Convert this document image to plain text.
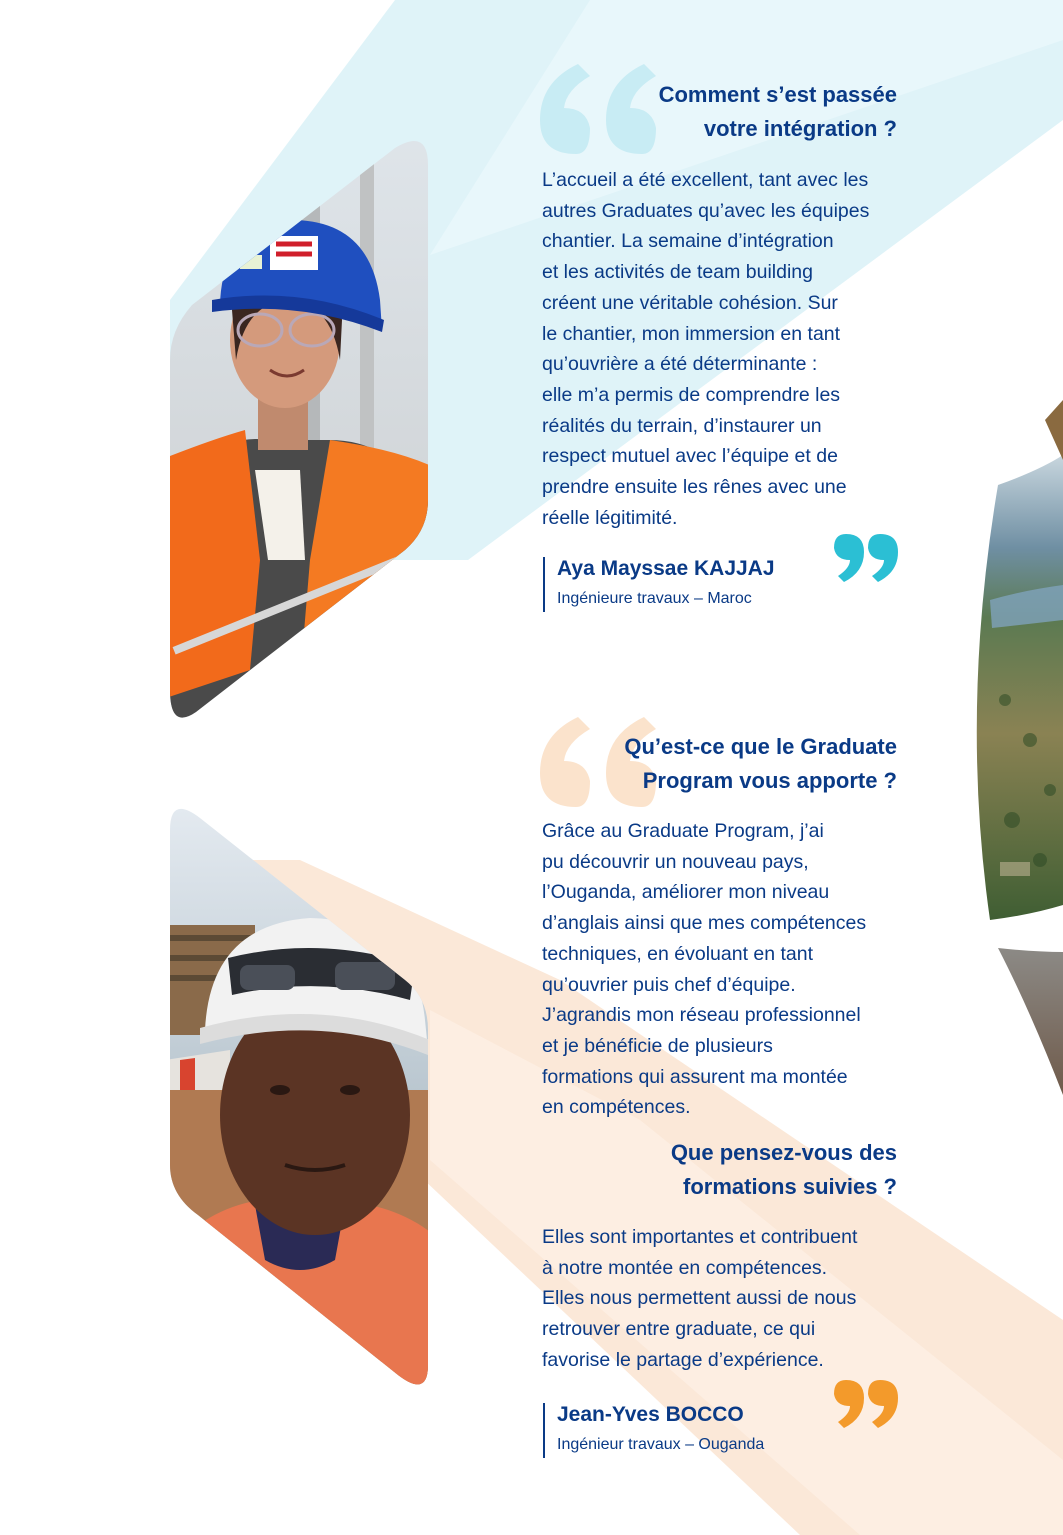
Comment s’est passée
votre intégration ?
L’accueil a été excellent, tant avec les
autres Graduates qu’avec les équipes
chantier. La semaine d’intégration
et les activités de team building
créent une véritable cohésion. Sur
le chantier, mon immersion en tant
qu’ouvrière a été déterminante :
elle m’a permis de comprendre les
réalités du terrain, d’instaurer un
respect mutuel avec l’équipe et de
prendre ensuite les rênes avec une
réelle légitimité.
Aya Mayssae KAJJAJ
Ingénieure travaux – Maroc
Qu’est-ce que le Graduate
Program vous apporte ?
Grâce au Graduate Program, j’ai
pu découvrir un nouveau pays,
l’Ouganda, améliorer mon niveau
d’anglais ainsi que mes compétences
techniques, en évoluant en tant
qu’ouvrier puis chef d’équipe.
J’agrandis mon réseau professionnel
et je bénéficie de plusieurs
formations qui assurent ma montée
en compétences.
Que pensez-vous des
formations suivies ?
Elles sont importantes et contribuent
à notre montée en compétences.
Elles nous permettent aussi de nous
retrouver entre graduate, ce qui
favorise le partage d’expérience.
Jean-Yves BOCCO
Ingénieur travaux – Ouganda
